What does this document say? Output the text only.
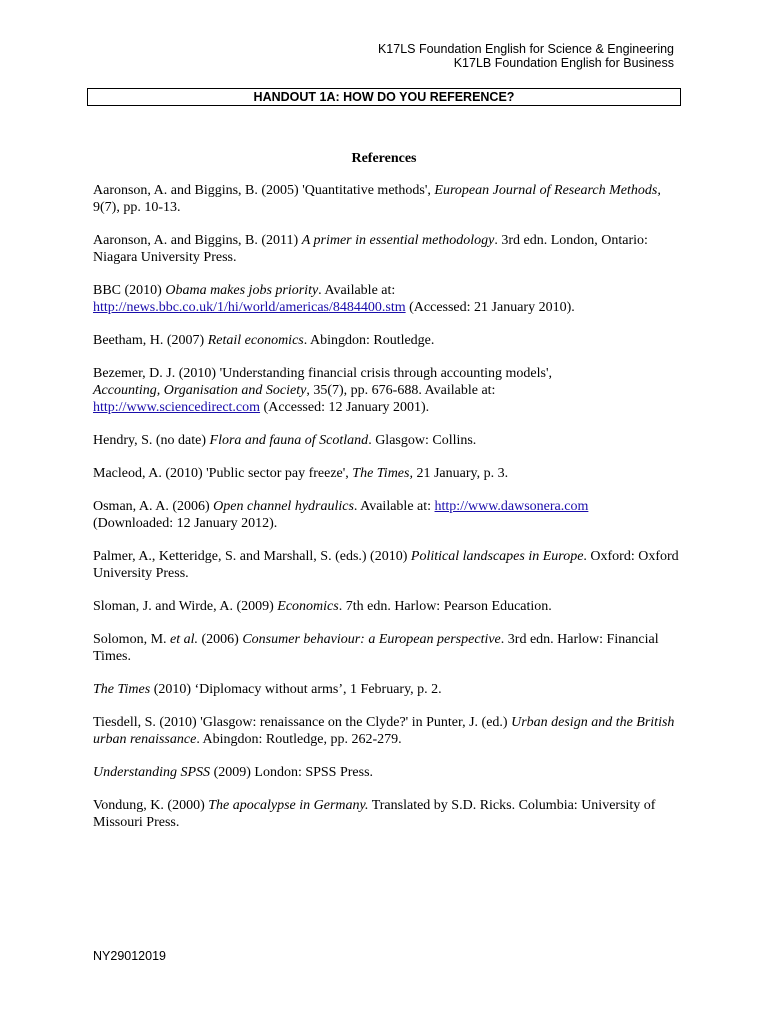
K17LS Foundation English for Science & Engineering
K17LB Foundation English for Business
HANDOUT 1A: HOW DO YOU REFERENCE?
References

Aaronson, A. and Biggins, B. (2005) 'Quantitative methods', European Journal of Research Methods, 9(7), pp. 10-13.

Aaronson, A. and Biggins, B. (2011) A primer in essential methodology. 3rd edn. London, Ontario: Niagara University Press.

BBC (2010) Obama makes jobs priority. Available at:
http://news.bbc.co.uk/1/hi/world/americas/8484400.stm (Accessed: 21 January 2010).

Beetham, H. (2007) Retail economics. Abingdon: Routledge.

Bezemer, D. J. (2010) 'Understanding financial crisis through accounting models',
Accounting, Organisation and Society, 35(7), pp. 676-688. Available at:
http://www.sciencedirect.com (Accessed: 12 January 2001).

Hendry, S. (no date) Flora and fauna of Scotland. Glasgow: Collins.

Macleod, A. (2010) 'Public sector pay freeze', The Times, 21 January, p. 3.

Osman, A. A. (2006) Open channel hydraulics. Available at: http://www.dawsonera.com
(Downloaded: 12 January 2012).

Palmer, A., Ketteridge, S. and Marshall, S. (eds.) (2010) Political landscapes in Europe. Oxford: Oxford University Press.

Sloman, J. and Wirde, A. (2009) Economics. 7th edn. Harlow: Pearson Education.

Solomon, M. et al. (2006) Consumer behaviour: a European perspective. 3rd edn. Harlow: Financial Times.

The Times (2010) ‘Diplomacy without arms’, 1 February, p. 2.

Tiesdell, S. (2010) 'Glasgow: renaissance on the Clyde?' in Punter, J. (ed.) Urban design and the British urban renaissance. Abingdon: Routledge, pp. 262-279.

Understanding SPSS (2009) London: SPSS Press.

Vondung, K. (2000) The apocalypse in Germany. Translated by S.D. Ricks. Columbia: University of Missouri Press.

NY29012019
